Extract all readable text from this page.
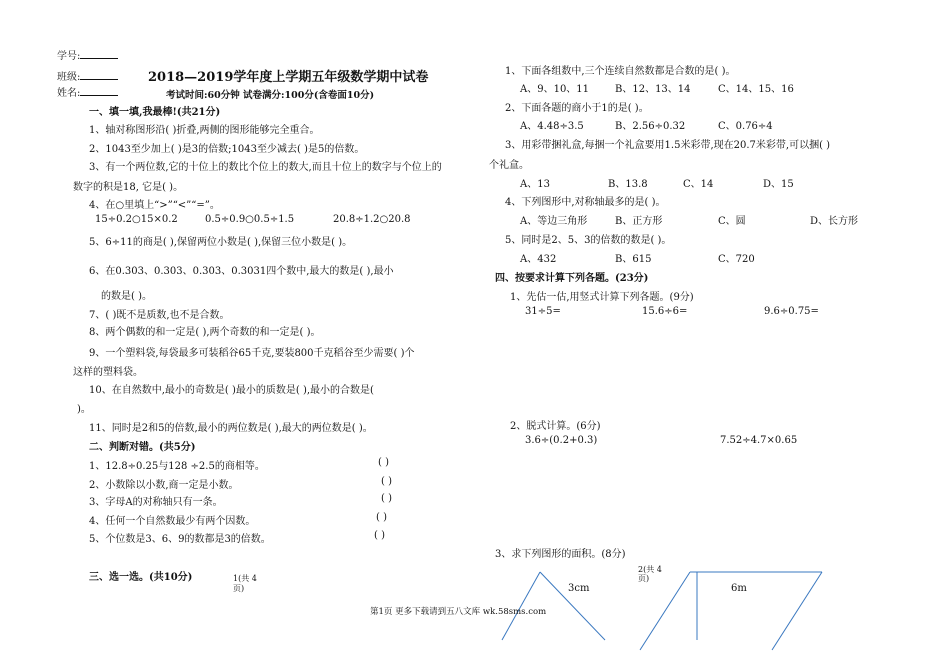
学号:
班级:
姓名:
2018—2019学年度上学期五年级数学期中试卷
考试时间:60分钟 试卷满分:100分(含卷面10分)
一、填一填,我最棒!(共21分)
1、轴对称图形沿( )折叠,两侧的图形能够完全重合。
2、1043至少加上( )是3的倍数;1043至少减去( )是5的倍数。
3、有一个两位数,它的十位上的数比个位上的数大,而且十位上的数字与个位上的
数字的积是18, 它是( )。
4、在○里填上“>”“<”“=”。
15÷0.2○15×0.2	0.5÷0.9○0.5÷1.5	20.8÷1.2○20.8
5、6÷11的商是( ),保留两位小数是( ),保留三位小数是( )。
6、在0.303、0.303、0.303、0.3031四个数中,最大的数是( ),最小
的数是( )。
7、( )既不是质数,也不是合数。
8、两个偶数的和一定是( ),两个奇数的和一定是( )。
9、一个塑料袋,每袋最多可装稻谷65千克,要装800千克稻谷至少需要( )个
这样的塑料袋。
10、在自然数中,最小的奇数是( )最小的质数是( ),最小的合数是(
)。
11、同时是2和5的倍数,最小的两位数是( ),最大的两位数是( )。
二、判断对错。(共5分)
1、12.8÷0.25与128 ÷2.5的商相等。	( )
2、小数除以小数,商一定是小数。	( )
3、字母A的对称轴只有一条。	( )
4、任何一个自然数最少有两个因数。	( )
5、个位数是3、6、9的数都是3的倍数。	( )
三、选一选。(共10分)	1(共 4
页)
1、下面各组数中,三个连续自然数都是合数的是( )。
A、9、10、11	B、12、13、14	C、14、15、16
2、下面各题的商小于1的是( )。
A、4.48÷3.5	B、2.56÷0.32	C、0.76÷4
3、用彩带捆礼盒,每捆一个礼盒要用1.5米彩带,现在20.7米彩带,可以捆( )
个礼盒。
A、13	B、13.8	C、14	D、15
4、下列图形中,对称轴最多的是( )。
A、等边三角形	B、正方形	C、圆	D、长方形
5、同时是2、5、3的倍数的数是( )。
A、432	B、615	C、720
四、按要求计算下列各题。(23分)
1、先估一估,用竖式计算下列各题。(9分)
31÷5=	15.6÷6=	9.6÷0.75=
2、脱式计算。(6分)
3.6÷(0.2+0.3)	7.52÷4.7×0.65
3、求下列图形的面积。(8分)
2(共 4
页)
3cm	6m
第1页 更多下载请到五八文库 wk.58sms.com
